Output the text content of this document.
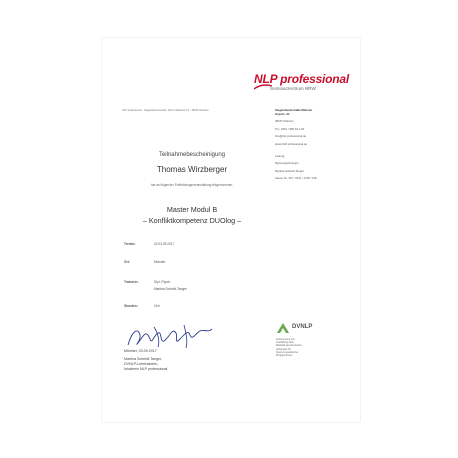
NLP professional
Seminarzentrum NRW
NLP professional · Siegelsbaumstraße, Wurst Weltpark 19 · 48155 Münster	Siegelsbaumstraße Münster
Gripsin. 24
48157 Münster
Tel.: 0251 / 980 63 1 60
Info@nlp-professional.de
www.NLP-professional.de
Leitung:
Diplompsychologin
Martina Scheidt-Tanger
Steuer Nr. 337 / 5111 / 1745 / 145
Teilnahmebescheinigung
Thomas Wirzberger
hat an folgender Fortbildungsveranstaltung teilgenommen.
Master Modul B
– Konfliktkompetenz DUOlog –
Termin:	02.03.09.2017
Ort:	Münster
Trainerin:	Dipl.-Psych.
Martina Scheidt-Tanger
Stunden:	16 h
Münster, 03.09.2017
Martina Scheidt-Tanger,
DVNLP-Lehrtrainerin,
Inhaberin NLP professional
DVNLP
Anerkennung von
Ausbildung nach
Maßstab des Deutschen
Verbandes für
Neuro-Linguistisches
Programmieren
